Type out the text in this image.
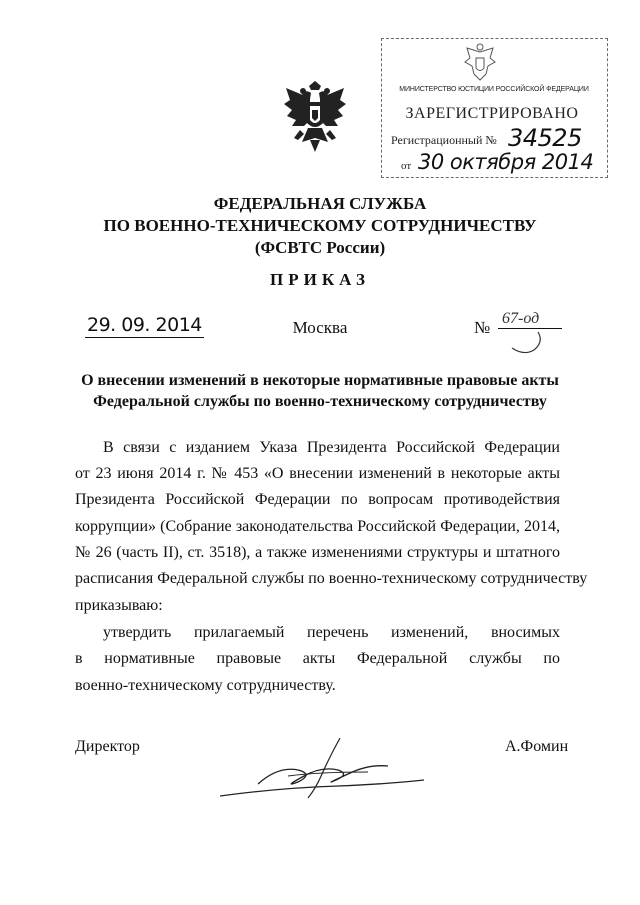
МИНИСТЕРСТВО ЮСТИЦИИ РОССИЙСКОЙ ФЕДЕРАЦИИ
ЗАРЕГИСТРИРОВАНО
Регистрационный № 34525
от 30 октября 2014
ФЕДЕРАЛЬНАЯ СЛУЖБА
ПО ВОЕННО-ТЕХНИЧЕСКОМУ СОТРУДНИЧЕСТВУ
(ФСВТС России)
ПРИКАЗ
29. 09. 2014	Москва	№ 67-од
О внесении изменений в некоторые нормативные правовые акты
Федеральной службы по военно-техническому сотрудничеству
В связи с изданием Указа Президента Российской Федерации
от 23 июня 2014 г. № 453 «О внесении изменений в некоторые акты
Президента Российской Федерации по вопросам противодействия
коррупции» (Собрание законодательства Российской Федерации, 2014,
№ 26 (часть II), ст. 3518), а также изменениями структуры и штатного
расписания Федеральной службы по военно-техническому сотрудничеству
приказываю:
утвердить прилагаемый перечень изменений, вносимых
в нормативные правовые акты Федеральной службы по
военно-техническому сотрудничеству.
Директор	А.Фомин
